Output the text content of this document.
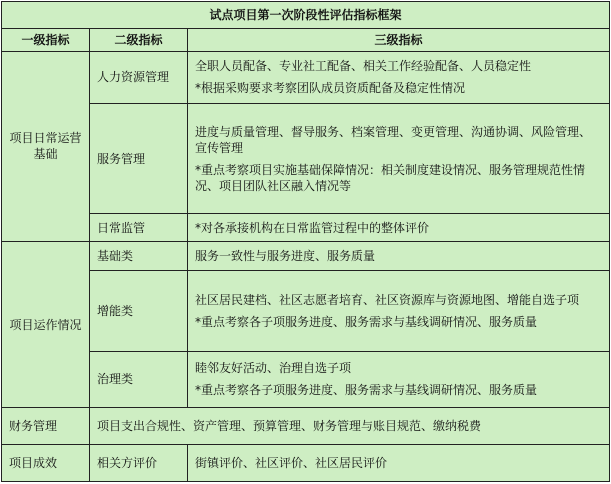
试点项目第一次阶段性评估指标框架		
一级指标	二级指标	三级指标
项目日常运营基础	人力资源管理	全职人员配备、专业社工配备、相关工作经验配备、人员稳定性
*根据采购要求考察团队成员资质配备及稳定性情况

	服务管理	进度与质量管理、督导服务、档案管理、变更管理、沟通协调、风险管理、宣传管理
*重点考察项目实施基础保障情况：相关制度建设情况、服务管理规范性情况、项目团队社区融入情况等

	日常监管	*对各承接机构在日常监管过程中的整体评价

项目运作情况	基础类	服务一致性与服务进度、服务质量

	增能类	社区居民建档、社区志愿者培育、社区资源库与资源地图、增能自选子项
*重点考察各子项服务进度、服务需求与基线调研情况、服务质量

	治理类	睦邻友好活动、治理自选子项
*重点考察各子项服务进度、服务需求与基线调研情况、服务质量

财务管理	项目支出合规性、资产管理、预算管理、财务管理与账目规范、缴纳税费	
项目成效	相关方评价	街镇评价、社区评价、社区居民评价
